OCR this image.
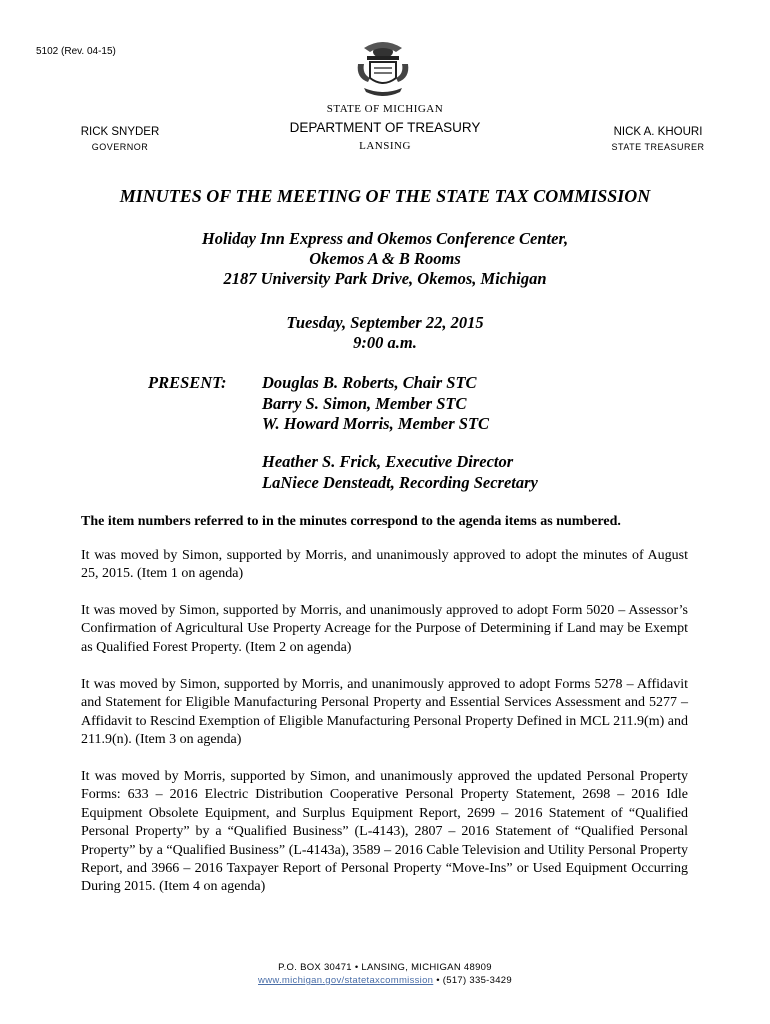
5102 (Rev. 04-15)
STATE OF MICHIGAN
DEPARTMENT OF TREASURY
LANSING
RICK SNYDER
GOVERNOR
NICK A. KHOURI
STATE TREASURER
MINUTES OF THE MEETING OF THE STATE TAX COMMISSION
Holiday Inn Express and Okemos Conference Center,
Okemos A & B Rooms
2187 University Park Drive, Okemos, Michigan
Tuesday, September 22, 2015
9:00 a.m.
PRESENT: Douglas B. Roberts, Chair STC
Barry S. Simon, Member STC
W. Howard Morris, Member STC
Heather S. Frick, Executive Director
LaNiece Densteadt, Recording Secretary
The item numbers referred to in the minutes correspond to the agenda items as numbered.
It was moved by Simon, supported by Morris, and unanimously approved to adopt the minutes of August 25, 2015. (Item 1 on agenda)
It was moved by Simon, supported by Morris, and unanimously approved to adopt Form 5020 – Assessor’s Confirmation of Agricultural Use Property Acreage for the Purpose of Determining if Land may be Exempt as Qualified Forest Property. (Item 2 on agenda)
It was moved by Simon, supported by Morris, and unanimously approved to adopt Forms 5278 – Affidavit and Statement for Eligible Manufacturing Personal Property and Essential Services Assessment and 5277 – Affidavit to Rescind Exemption of Eligible Manufacturing Personal Property Defined in MCL 211.9(m) and 211.9(n). (Item 3 on agenda)
It was moved by Morris, supported by Simon, and unanimously approved the updated Personal Property Forms: 633 – 2016 Electric Distribution Cooperative Personal Property Statement, 2698 – 2016 Idle Equipment Obsolete Equipment, and Surplus Equipment Report, 2699 – 2016 Statement of “Qualified Personal Property” by a “Qualified Business” (L-4143), 2807 – 2016 Statement of “Qualified Personal Property” by a “Qualified Business” (L-4143a), 3589 – 2016 Cable Television and Utility Personal Property Report, and 3966 – 2016 Taxpayer Report of Personal Property “Move-Ins” or Used Equipment Occurring During 2015. (Item 4 on agenda)
P.O. BOX 30471 • LANSING, MICHIGAN 48909
www.michigan.gov/statetaxcommission • (517) 335-3429
